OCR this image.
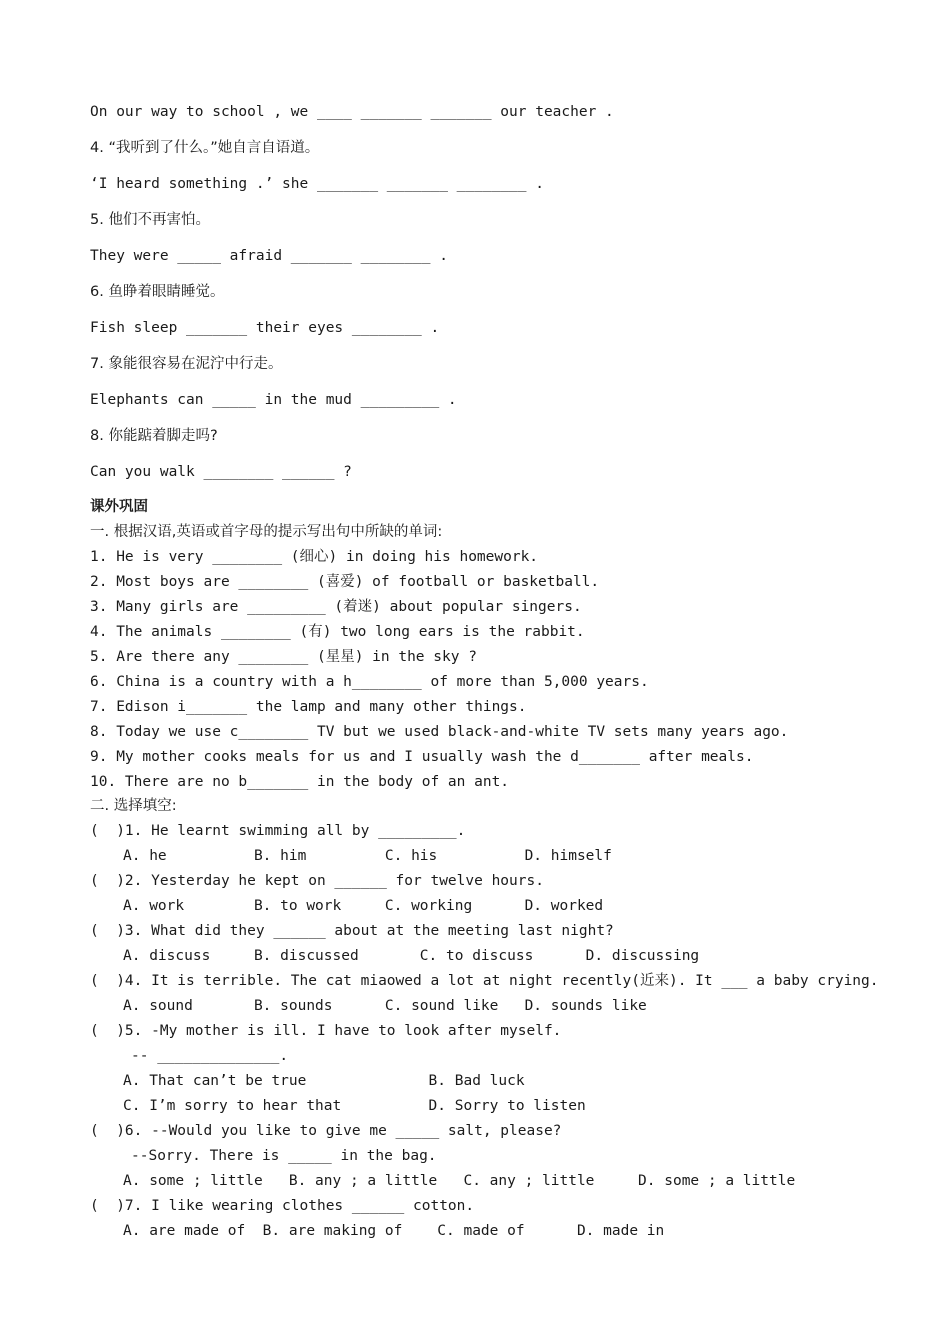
On our way to school , we ____ _______ _______ our teacher .
4. “我听到了什么。”她自言自语道。
‘I heard something .’ she _______ _______ ________ .
5. 他们不再害怕。
They were _____ afraid _______ ________ .
6. 鱼睁着眼睛睡觉。
Fish sleep _______ their eyes ________ .
7. 象能很容易在泥泞中行走。
Elephants can _____ in the mud _________ .
8. 你能踮着脚走吗?
Can you walk ________ ______ ?
课外巩固
一. 根据汉语,英语或首字母的提示写出句中所缺的单词:
1. He is very ________ (细心) in doing his homework.
2. Most boys are ________ (喜爱) of football or basketball.
3. Many girls are _________ (着迷) about popular singers.
4. The animals ________ (有) two long ears is the rabbit.
5. Are there any ________ (星星) in the sky ?
6. China is a country with a h________ of more than 5,000 years.
7. Edison i_______ the lamp and many other things.
8. Today we use c________ TV but we used black-and-white TV sets many years ago.
9. My mother cooks meals for us and I usually wash the d_______ after meals.
10. There are no b_______ in the body of an ant.
二. 选择填空:
(  )1. He learnt swimming all by _________.
A. he          B. him         C. his          D. himself
(  )2. Yesterday he kept on ______ for twelve hours.
A. work        B. to work     C. working      D. worked
(  )3. What did they ______ about at the meeting last night?
A. discuss     B. discussed       C. to discuss      D. discussing
(  )4. It is terrible. The cat miaowed a lot at night recently(近来). It ___ a baby crying.
A. sound       B. sounds      C. sound like   D. sounds like
(  )5. -My mother is ill. I have to look after myself.
-- ______________.
A. That can’t be true              B. Bad luck
C. I’m sorry to hear that          D. Sorry to listen
(  )6. --Would you like to give me _____ salt, please?
--Sorry. There is _____ in the bag.
A. some ; little   B. any ; a little   C. any ; little     D. some ; a little
(  )7. I like wearing clothes ______ cotton.
A. are made of  B. are making of    C. made of      D. made in
